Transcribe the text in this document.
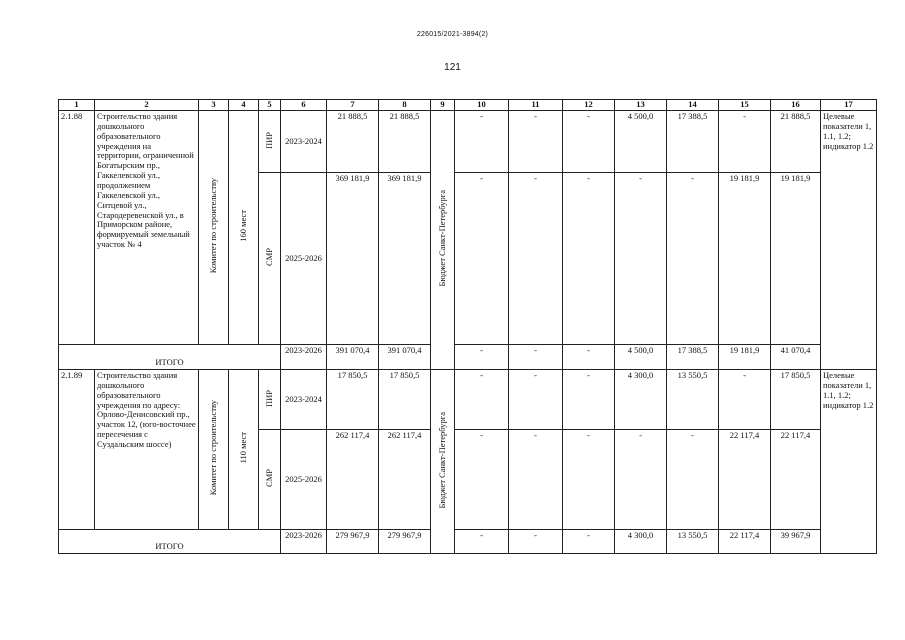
226015/2021-3894(2)
121
1	2	3	4	5	6	7	8	9	10	11	12	13	14	15	16	17
2.1.88	Строительство здания дошкольного образовательного учреждения на территории, ограниченной Богатырским пр., Гаккелевской ул., продолжением Гаккелевской ул., Ситцевой ул., Стародеревенской ул., в Приморском районе, формируемый земельный участок № 4	Комитет по строительству	160 мест	ПИР	2023-2024	21 888,5	21 888,5	Бюджет Санкт-Петербурга	-	-	-	4 500,0	17 388,5	-	21 888,5	Целевые показатели 1, 1.1, 1.2; индикатор 1.2
				СМР	2025-2026	369 181,9	369 181,9		-	-	-	-	-	19 181,9	19 181,9	
ИТОГО					2023-2026	391 070,4	391 070,4		-	-	-	4 500,0	17 388,5	19 181,9	41 070,4	
2.1.89	Строительство здания дошкольного образовательного учреждения по адресу: Орлово-Денисовский пр., участок 12, (юго-восточнее пересечения с Суздальским шоссе)	Комитет по строительству	110 мест	ПИР	2023-2024	17 850,5	17 850,5	Бюджет Санкт-Петербурга	-	-	-	4 300,0	13 550,5	-	17 850,5	Целевые показатели 1, 1.1, 1.2; индикатор 1.2
				СМР	2025-2026	262 117,4	262 117,4		-	-	-	-	-	22 117,4	22 117,4	
ИТОГО					2023-2026	279 967,9	279 967,9		-	-	-	4 300,0	13 550,5	22 117,4	39 967,9	
